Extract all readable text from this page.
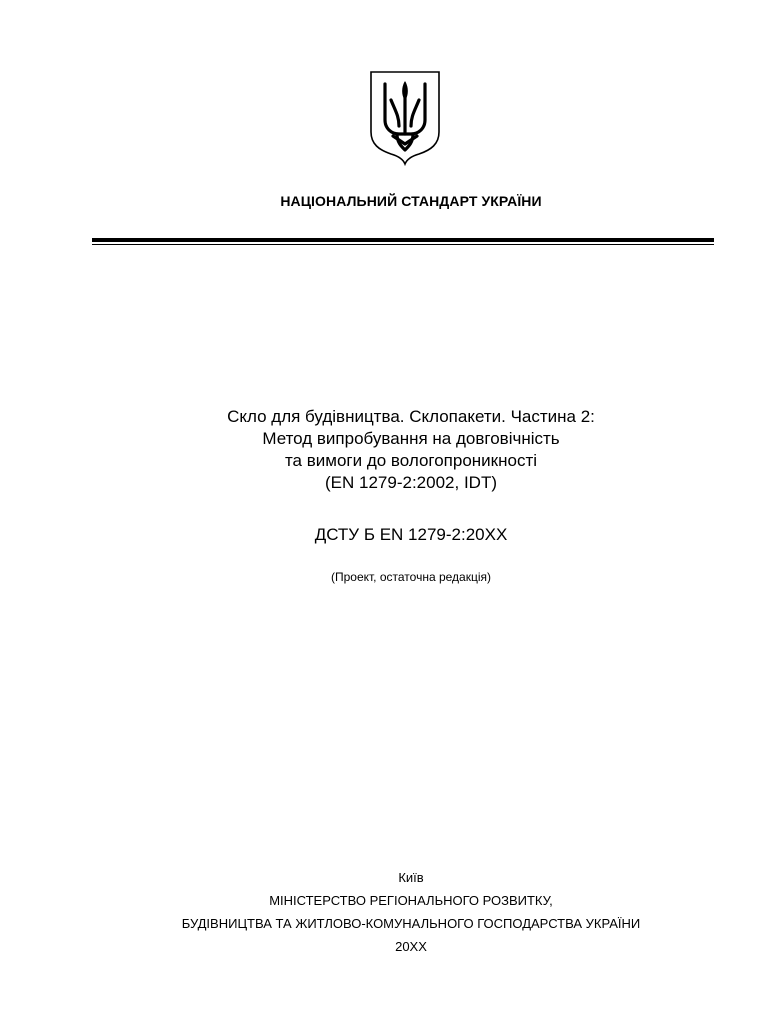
НАЦІОНАЛЬНИЙ СТАНДАРТ УКРАЇНИ
Скло для будівництва. Склопакети. Частина 2:
Метод випробування на довговічність
та вимоги до вологопроникності
(EN 1279-2:2002, IDT)
ДСТУ Б EN 1279-2:20ХХ
(Проект, остаточна редакція)
Київ
МІНІСТЕРСТВО РЕГІОНАЛЬНОГО РОЗВИТКУ,
БУДІВНИЦТВА ТА ЖИТЛОВО-КОМУНАЛЬНОГО ГОСПОДАРСТВА УКРАЇНИ
20ХХ
